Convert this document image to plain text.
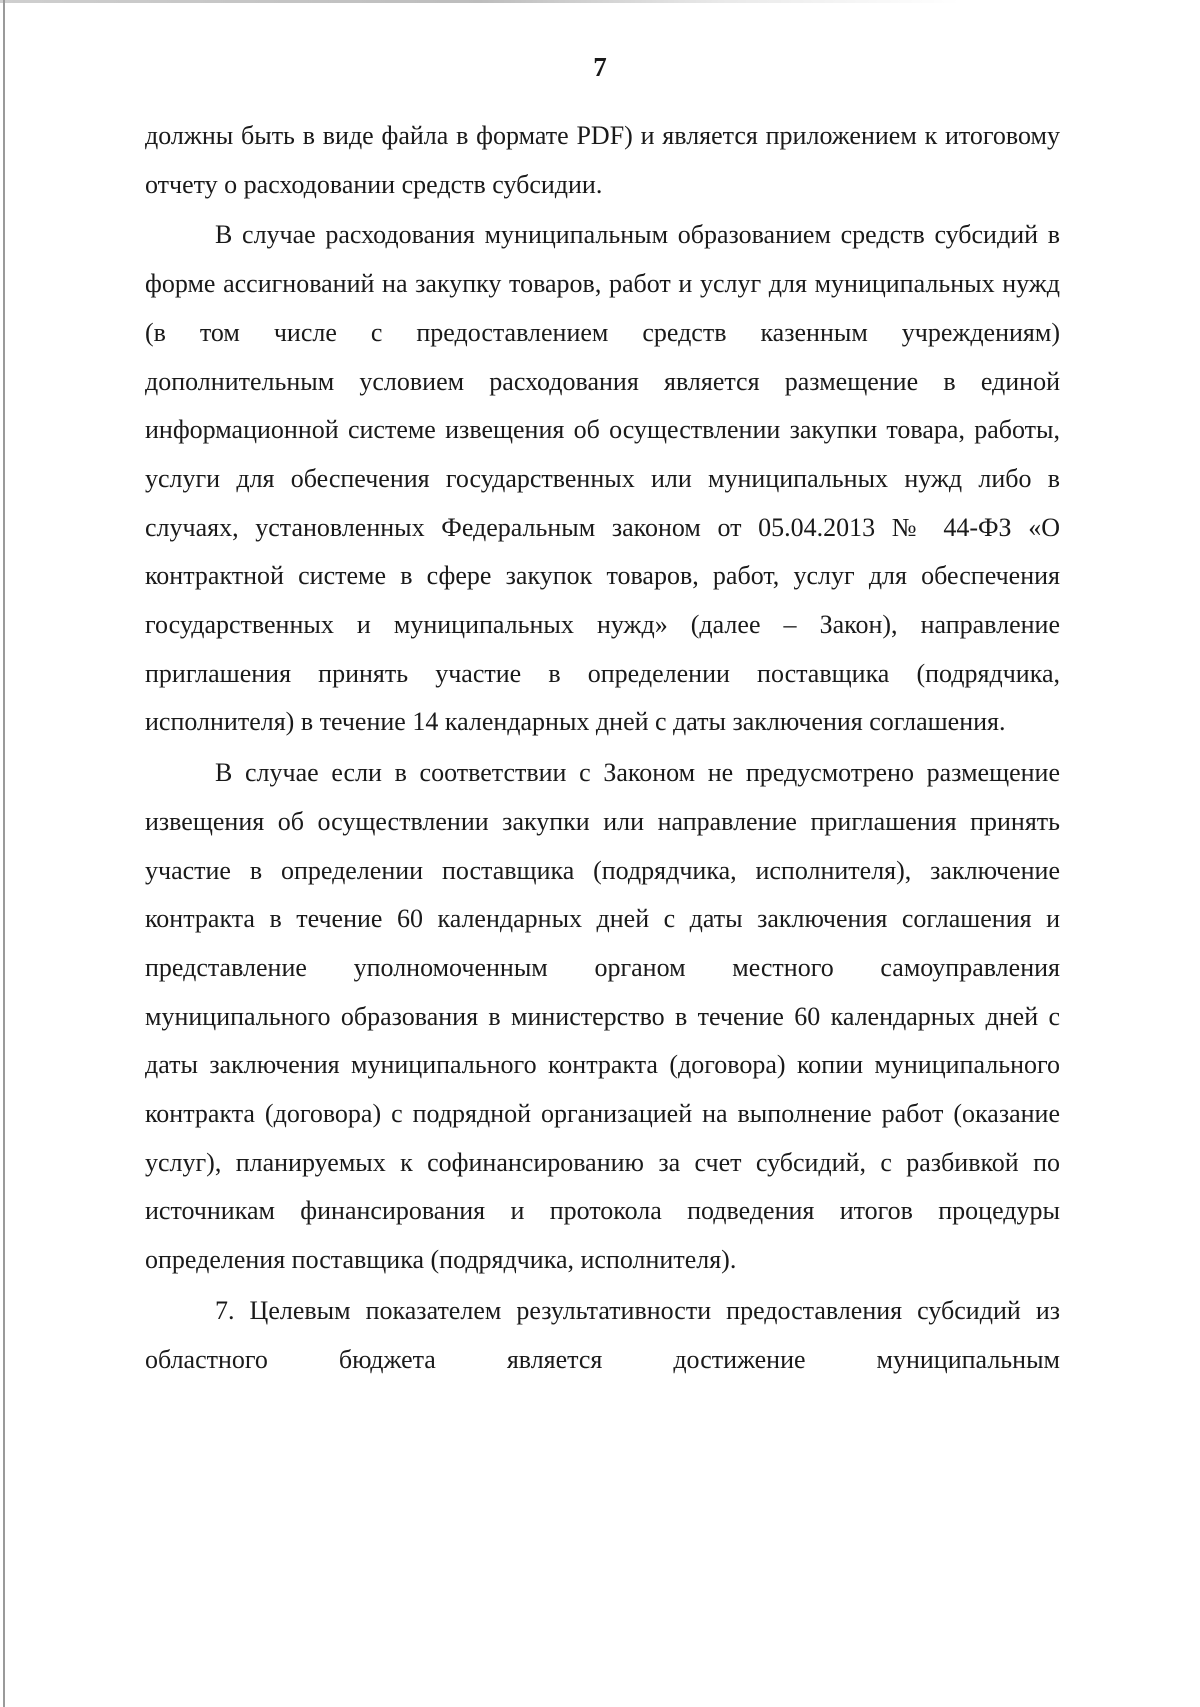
7

должны быть в виде файла в формате PDF) и является приложением к итоговому отчету о расходовании средств субсидии.

В случае расходования муниципальным образованием средств субсидий в форме ассигнований на закупку товаров, работ и услуг для муниципальных нужд (в том числе с предоставлением средств казенным учреждениям) дополнительным условием расходования является размещение в единой информационной системе извещения об осуществлении закупки товара, работы, услуги для обеспечения государственных или муниципальных нужд либо в случаях, установленных Федеральным законом от 05.04.2013 № 44-ФЗ «О контрактной системе в сфере закупок товаров, работ, услуг для обеспечения государственных и муниципальных нужд» (далее – Закон), направление приглашения принять участие в определении поставщика (подрядчика, исполнителя) в течение 14 календарных дней с даты заключения соглашения.

В случае если в соответствии с Законом не предусмотрено размещение извещения об осуществлении закупки или направление приглашения принять участие в определении поставщика (подрядчика, исполнителя), заключение контракта в течение 60 календарных дней с даты заключения соглашения и представление уполномоченным органом местного самоуправления муниципального образования в министерство в течение 60 календарных дней с даты заключения муниципального контракта (договора) копии муниципального контракта (договора) с подрядной организацией на выполнение работ (оказание услуг), планируемых к софинансированию за счет субсидий, с разбивкой по источникам финансирования и протокола подведения итогов процедуры определения поставщика (подрядчика, исполнителя).

7. Целевым показателем результативности предоставления субсидий из областного бюджета является достижение муниципальным
